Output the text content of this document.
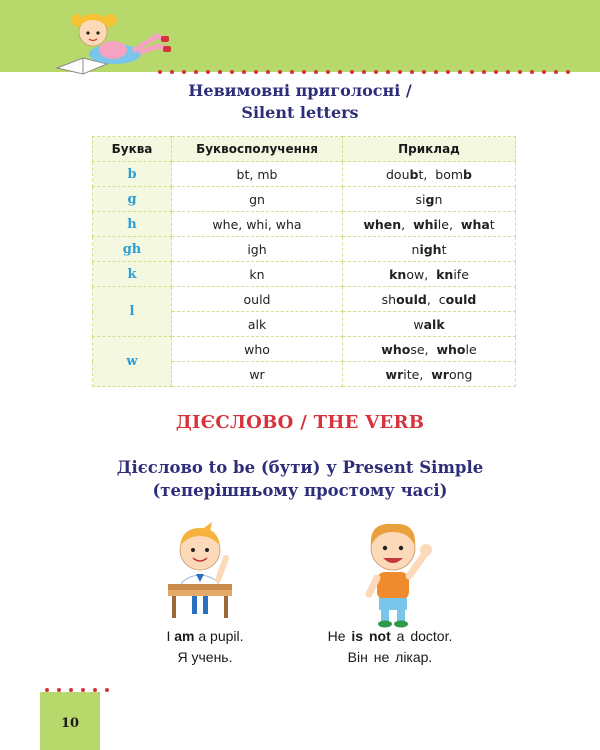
Невимовні приголосні /
Silent letters
Буква	Буквосполучення	Приклад
b	bt, mb	doubt,  bomb
g	gn	sign
h	whe, whi, wha	when,  while,  what
gh	igh	night
k	kn	know,  knife
l	ould	should,  could
	alk	walk
w	who	whose,  whole
	wr	write,  wrong
ДІЄСЛОВО / THE VERB
Дієслово to be (бути) у Present Simple
(теперішньому простому часі)
I am a pupil.
Я учень.
He is not a doctor.
Він не лікар.
10
